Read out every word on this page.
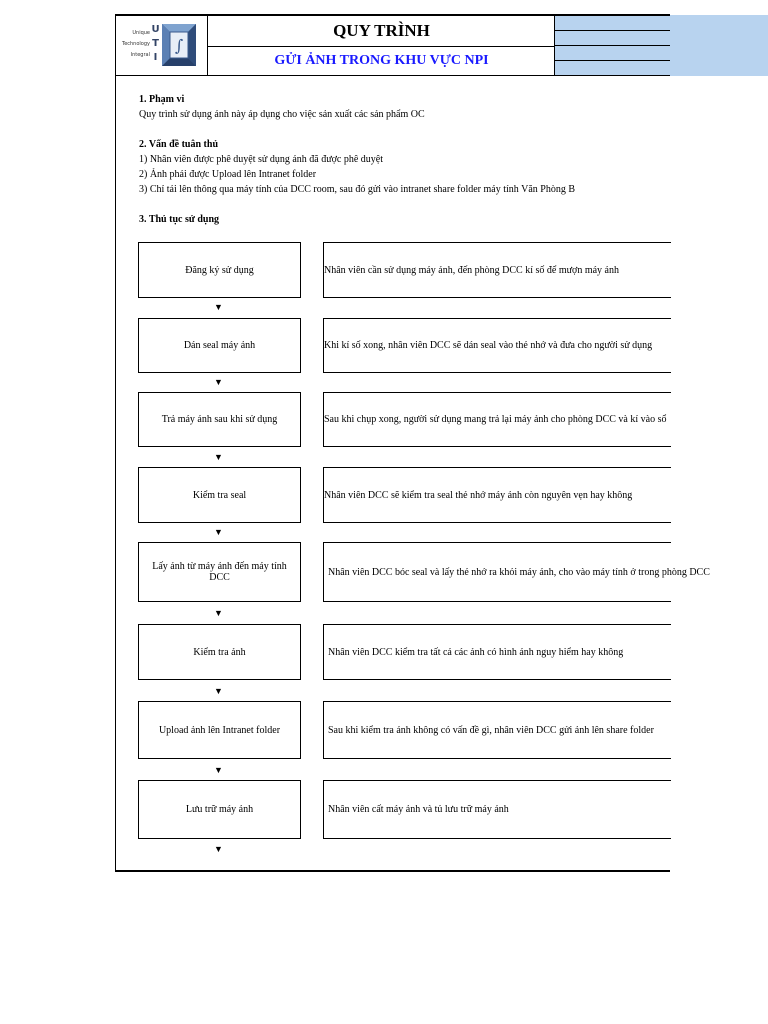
Unique
Technology
Integral
U
T
I
∫
QUY TRÌNH
GỬI ẢNH TRONG KHU VỰC NPI
1. Phạm vi
Quy trình sử dụng ảnh này áp dụng cho việc sản xuất các sản phẩm OC
2. Vấn đề tuân thủ
1) Nhân viên được phê duyệt sử dụng ảnh đã được phê duyệt
2) Ảnh phải được Upload lên Intranet folder
3) Chỉ tải lên thông qua máy tính của DCC room, sau đó gửi vào intranet share folder máy tính Văn Phòng B
3. Thủ tục sử dụng
Đăng ký sử dụng	Nhân viên cần sử dụng máy ảnh, đến phòng DCC kí số để mượn máy ảnh
▼
Dán seal máy ảnh	Khi kí số xong, nhân viên DCC sẽ dán seal vào thẻ nhớ và đưa cho người sử dụng
▼
Trả máy ảnh sau khi sử dụng	Sau khi chụp xong, người sử dụng mang trả lại máy ảnh cho phòng DCC và kí vào sổ
▼
Kiểm tra seal	Nhân viên DCC sẽ kiểm tra seal thẻ nhớ máy ảnh còn nguyên vẹn hay không
▼
Lấy ảnh từ máy ảnh đến máy tính DCC	Nhân viên DCC bóc seal và lấy thẻ nhớ ra khỏi máy ảnh, cho vào máy tính ở trong phòng DCC
▼
Kiểm tra ảnh	Nhân viên DCC kiểm tra tất cả các ảnh có hình ảnh nguy hiểm hay không
▼
Upload ảnh lên Intranet folder	Sau khi kiểm tra ảnh không có vấn đề gì, nhân viên DCC gửi ảnh lên share folder
▼
Lưu trữ máy ảnh	Nhân viên cất máy ảnh và tủ lưu trữ máy ảnh
▼
